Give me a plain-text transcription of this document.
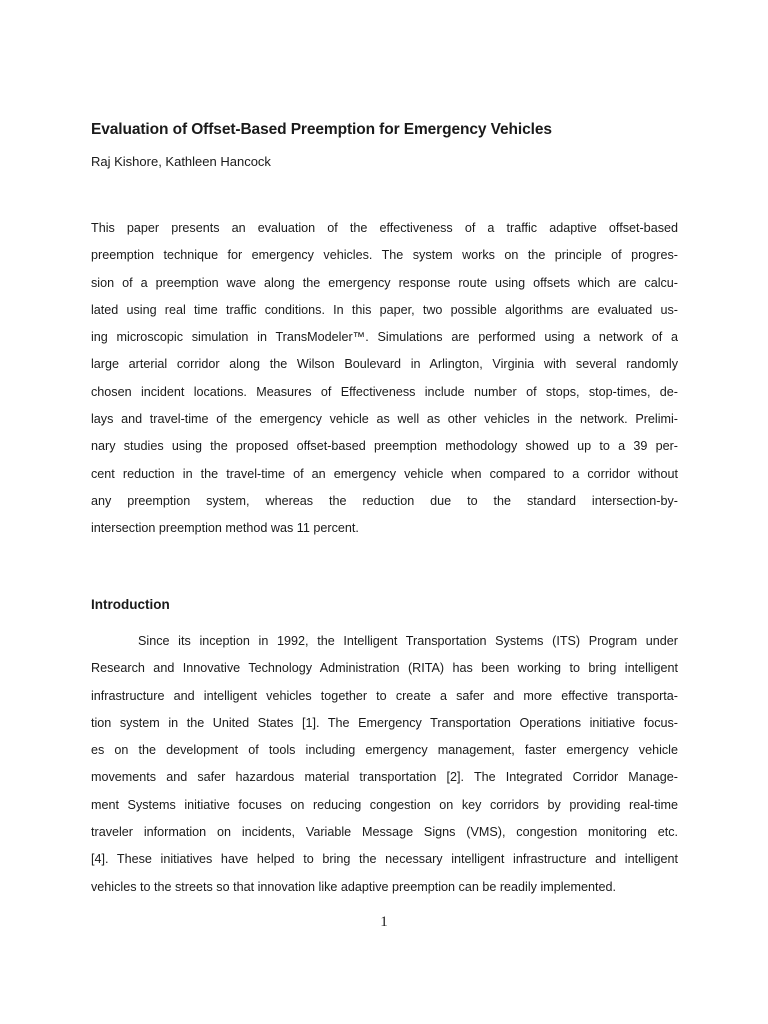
Evaluation of Offset-Based Preemption for Emergency Vehicles
Raj Kishore, Kathleen Hancock
This paper presents an evaluation of the effectiveness of a traffic adaptive offset-based
preemption technique for emergency vehicles. The system works on the principle of progres-
sion of a preemption wave along the emergency response route using offsets which are calcu-
lated using real time traffic conditions. In this paper, two possible algorithms are evaluated us-
ing microscopic simulation in TransModeler™. Simulations are performed using a network of a
large arterial corridor along the Wilson Boulevard in Arlington, Virginia with several randomly
chosen incident locations. Measures of Effectiveness include number of stops, stop-times, de-
lays and travel-time of the emergency vehicle as well as other vehicles in the network. Prelimi-
nary studies using the proposed offset-based preemption methodology showed up to a 39 per-
cent reduction in the travel-time of an emergency vehicle when compared to a corridor without
any preemption system, whereas the reduction due to the standard intersection-by-
intersection preemption method was 11 percent.
Introduction
Since its inception in 1992, the Intelligent Transportation Systems (ITS) Program under
Research and Innovative Technology Administration (RITA) has been working to bring intelligent
infrastructure and intelligent vehicles together to create a safer and more effective transporta-
tion system in the United States [1]. The Emergency Transportation Operations initiative focus-
es on the development of tools including emergency management, faster emergency vehicle
movements and safer hazardous material transportation [2]. The Integrated Corridor Manage-
ment Systems initiative focuses on reducing congestion on key corridors by providing real-time
traveler information on incidents, Variable Message Signs (VMS), congestion monitoring etc.
[4]. These initiatives have helped to bring the necessary intelligent infrastructure and intelligent
vehicles to the streets so that innovation like adaptive preemption can be readily implemented.
1
